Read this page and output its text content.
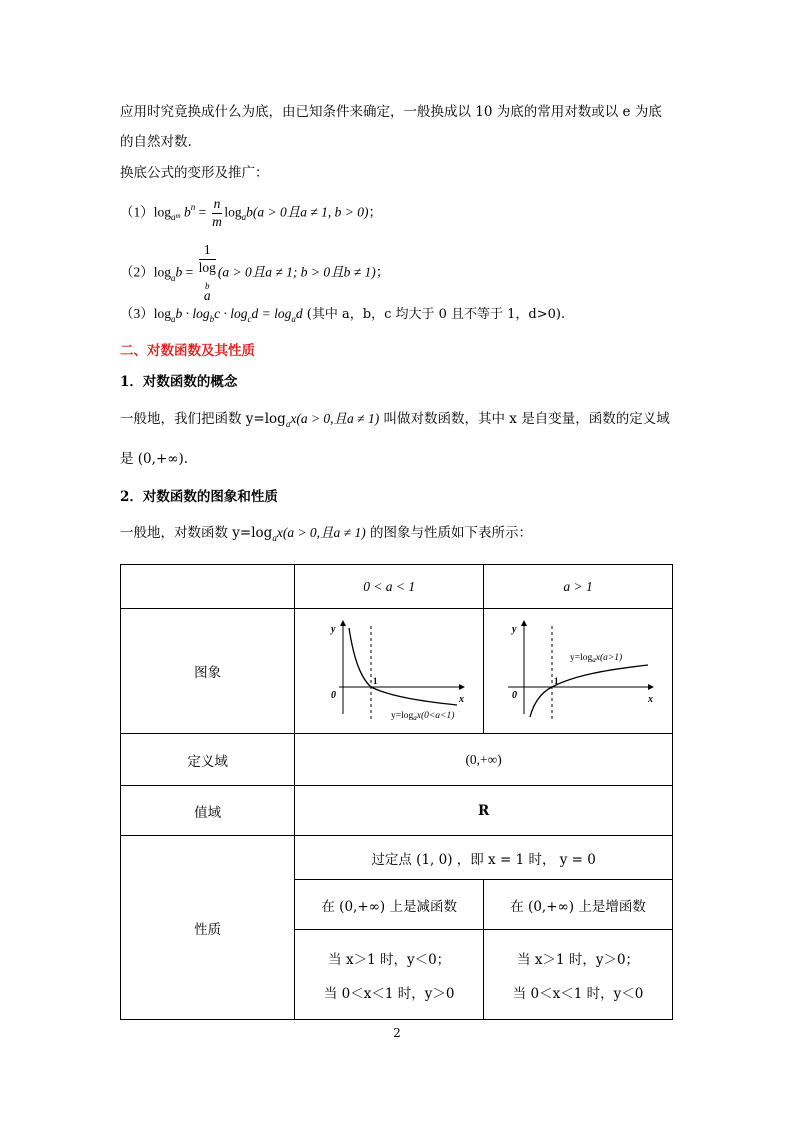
应用时究竟换成什么为底，由已知条件来确定，一般换成以 10 为底的常用对数或以 e 为底
的自然对数.
换底公式的变形及推广：
$(1)\log_am$ $b^n = \frac{n}{m} \log_ab(a > 0$且a ≠ 1, b > 0)；
$(2)\log_ab = 1$
log
b
a (a > 0且a ≠ 1; b > 0且b ≠ 1)；
$(3)\log_ab \cdot \log_bc \cdot \log_cd = \log_ad$ (其中 a，b，c 均大于 0 且不等于 1，d>0).
二、对数函数及其性质
1．对数函数的概念
一般地，我们把函数 $y=\log_ax(a > 0$,且a ≠ 1) 叫做对数函数，其中 x 是自变量，函数的定义域
是 (0,+∞).
2．对数函数的图象和性质
一般地，对数函数 $y=\log_ax(a > 0$,且a ≠ 1) 的图象与性质如下表所示：
	0 < a < 1	a > 1
图象	y
x
0
1
$y=\log_ax(0<a<1)$	y
x
0
1
$y=\log_ax(a>1)$

定义域	(0,+∞)	
值域	R	
性质	过定点 (1, 0) ，即 x = 1 时， y = 0	
	在 (0,+∞) 上是减函数	在 (0,+∞) 上是增函数

	当 x＞1 时，y＜0；
当 0＜x＜1 时，y＞0	当 x＞1 时，y＞0；
当 0＜x＜1 时，y＜0
2
